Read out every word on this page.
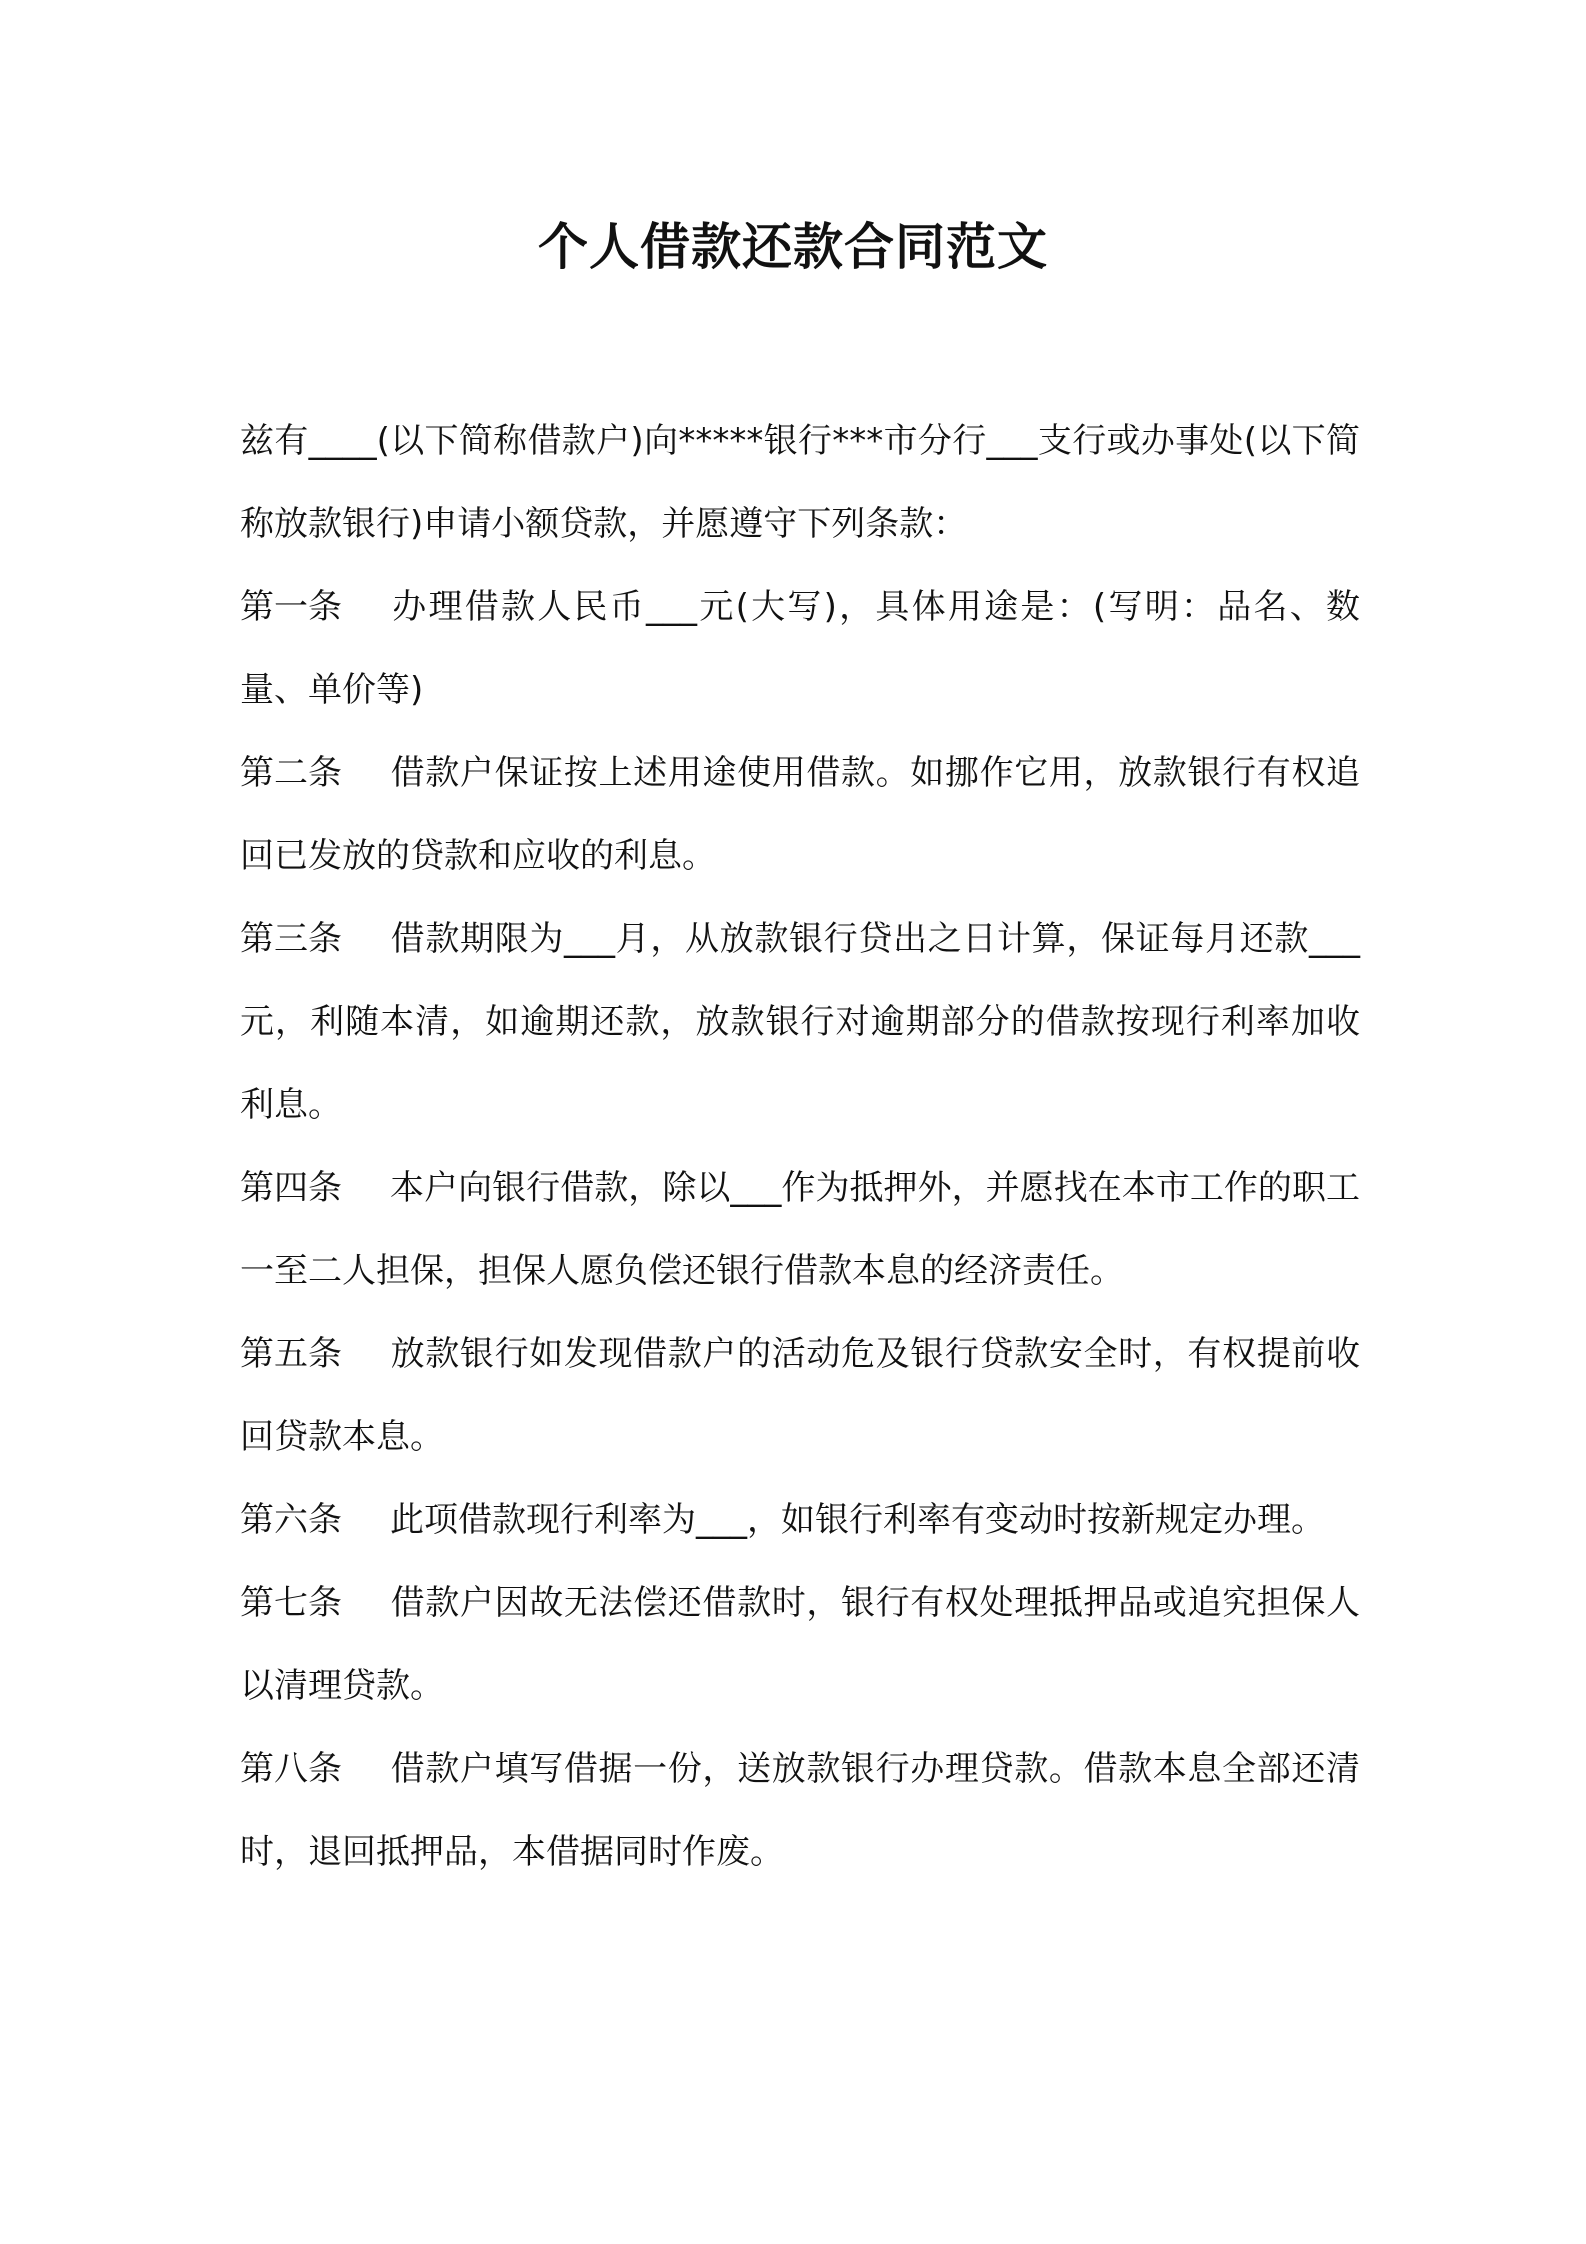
个人借款还款合同范文

兹有____(以下简称借款户)向*****银行***市分行___支行或办事处(以下简称放款银行)申请小额贷款，并愿遵守下列条款：

第一条 办理借款人民币___元(大写)，具体用途是：(写明：品名、数量、单价等)

第二条 借款户保证按上述用途使用借款。如挪作它用，放款银行有权追回已发放的贷款和应收的利息。

第三条 借款期限为___月，从放款银行贷出之日计算，保证每月还款___元，利随本清，如逾期还款，放款银行对逾期部分的借款按现行利率加收利息。

第四条 本户向银行借款，除以___作为抵押外，并愿找在本市工作的职工一至二人担保，担保人愿负偿还银行借款本息的经济责任。

第五条 放款银行如发现借款户的活动危及银行贷款安全时，有权提前收回贷款本息。

第六条 此项借款现行利率为___，如银行利率有变动时按新规定办理。

第七条 借款户因故无法偿还借款时，银行有权处理抵押品或追究担保人以清理贷款。

第八条 借款户填写借据一份，送放款银行办理贷款。借款本息全部还清时，退回抵押品，本借据同时作废。
